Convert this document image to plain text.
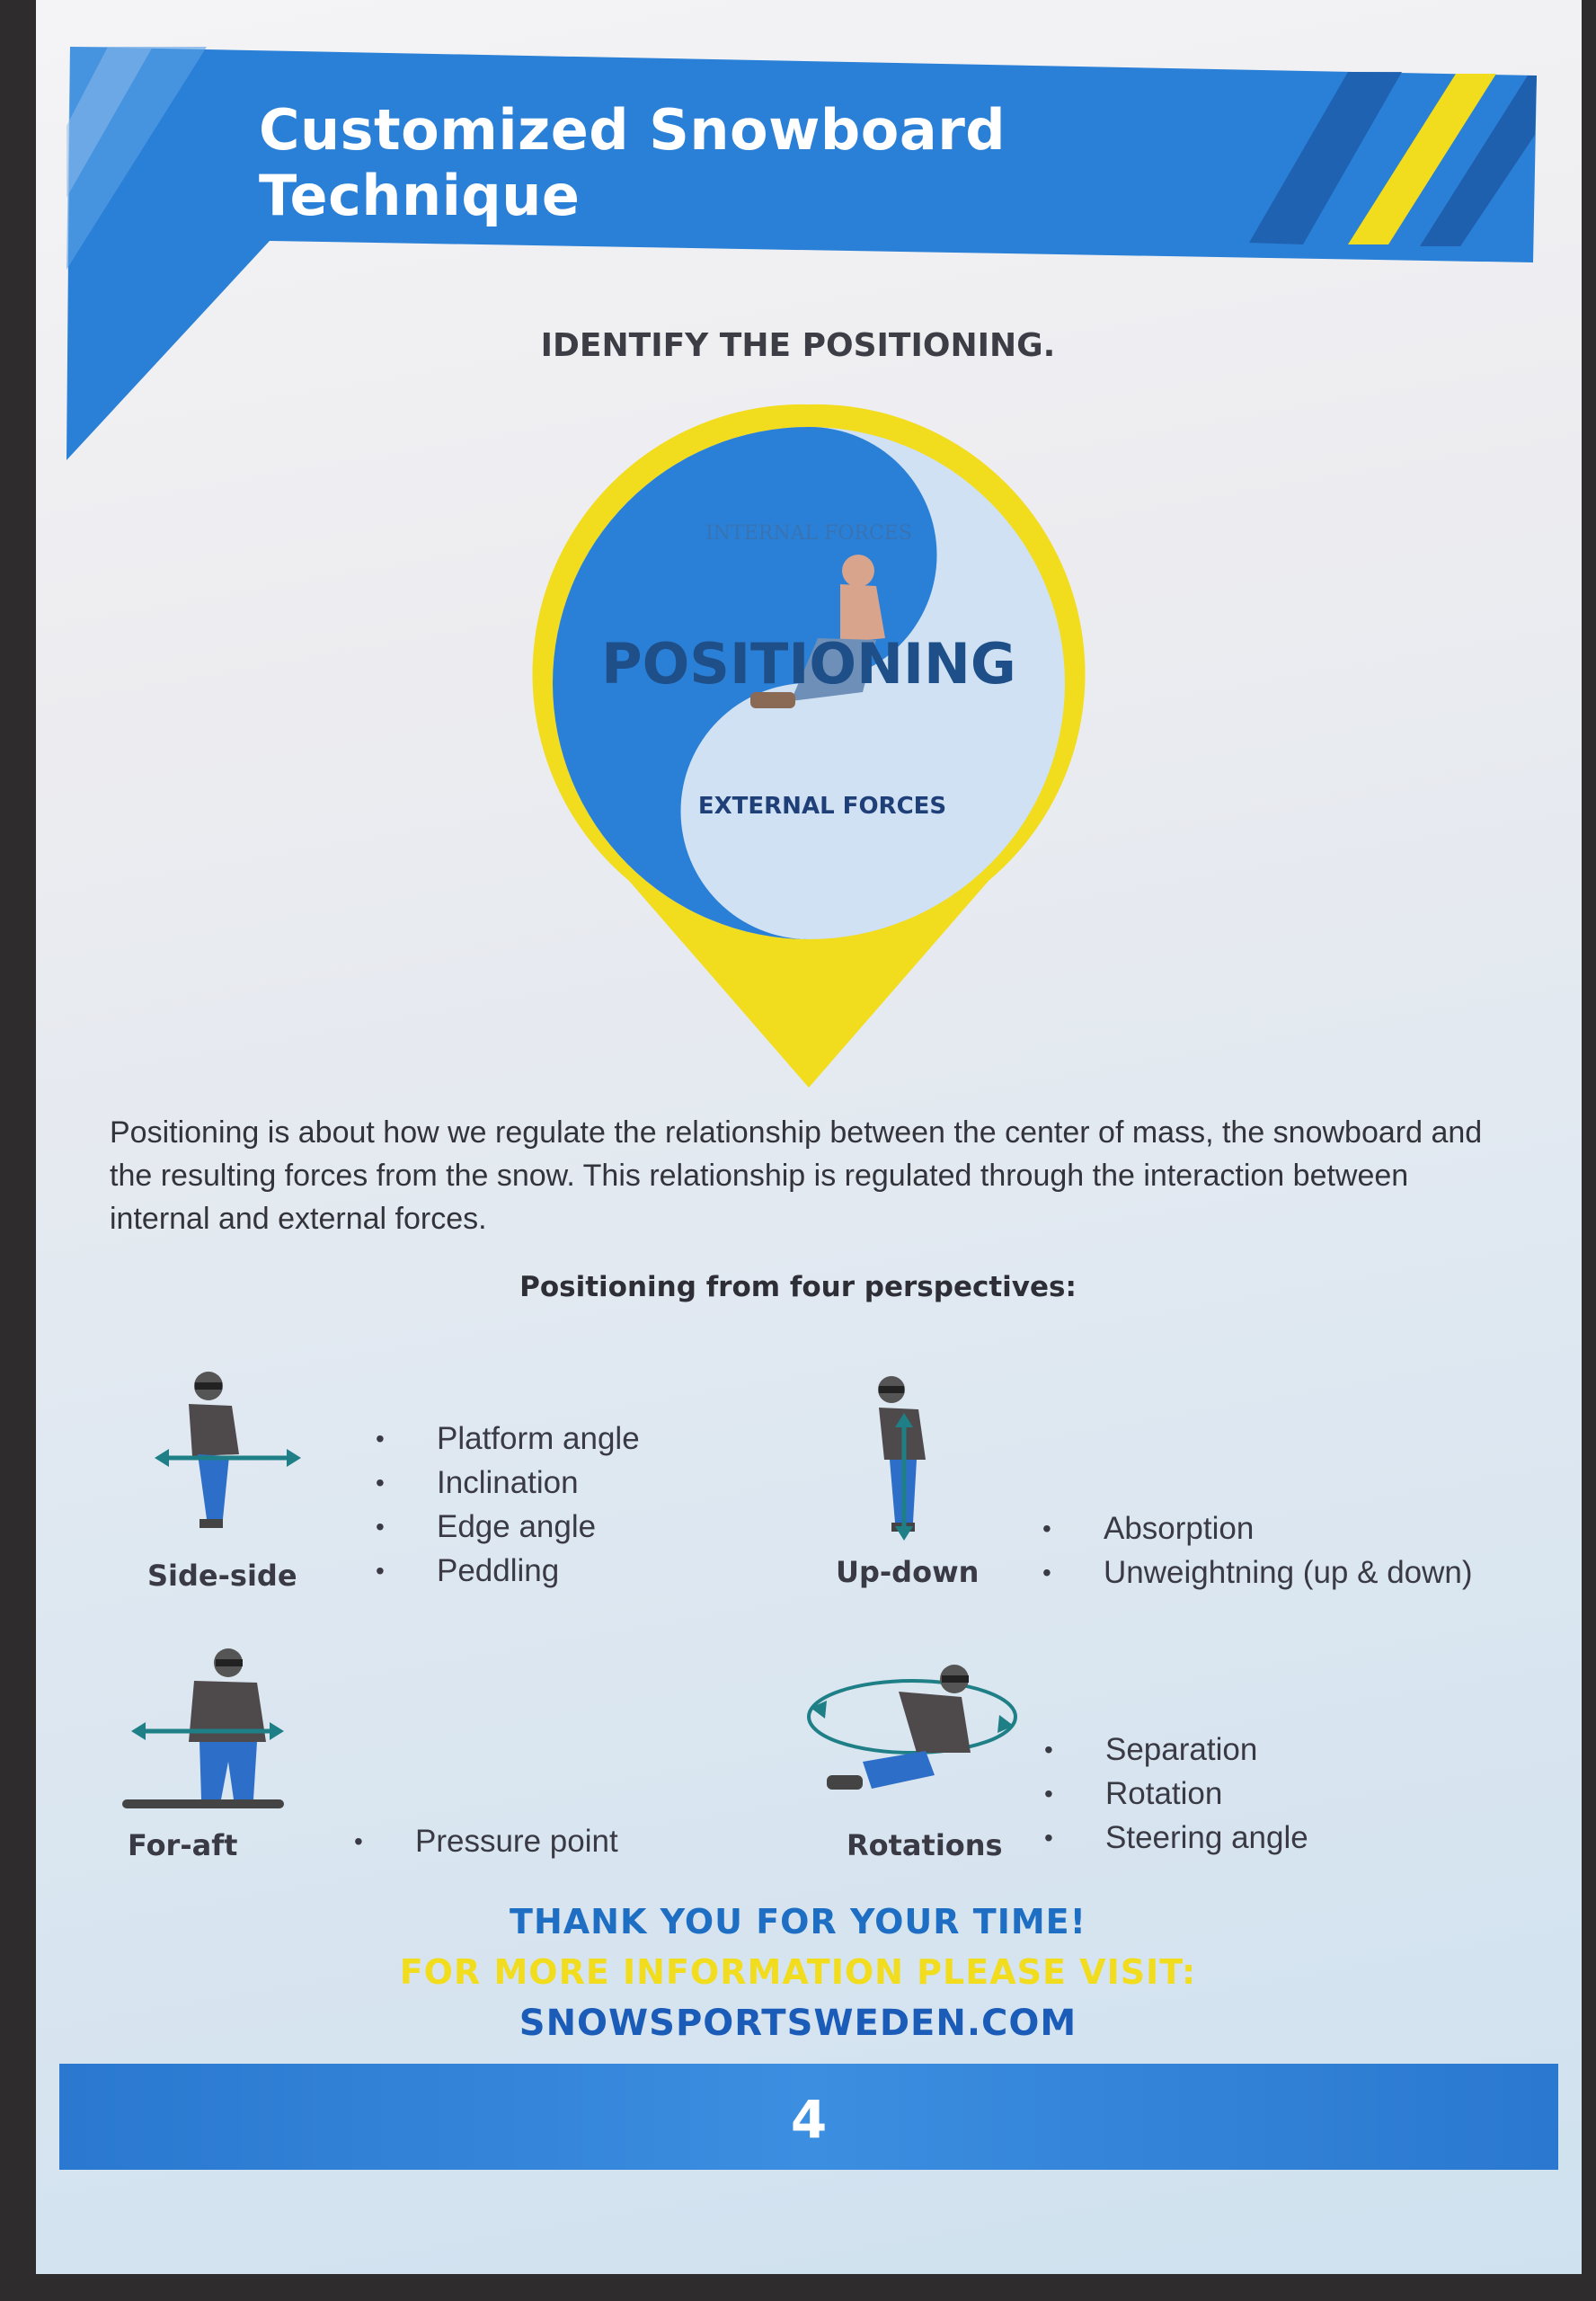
Customized Snowboard Technique
IDENTIFY THE POSITIONING.
INTERNAL FORCES
POSITIONING
EXTERNAL FORCES
Positioning is about how we regulate the relationship between the center of mass, the snowboard and the resulting forces from the snow. This relationship is regulated through the interaction between internal and external forces.
Positioning from four perspectives:
Side-side
• Platform angle
• Inclination
• Edge angle
• Peddling	Up-down
• Absorption
• Unweightning (up & down)
For-aft
•	Pressure point	Rotations
• Separation
• Rotation
• Steering angle
THANK YOU FOR YOUR TIME!
FOR MORE INFORMATION PLEASE VISIT:
SNOWSPORTSWEDEN.COM
4
